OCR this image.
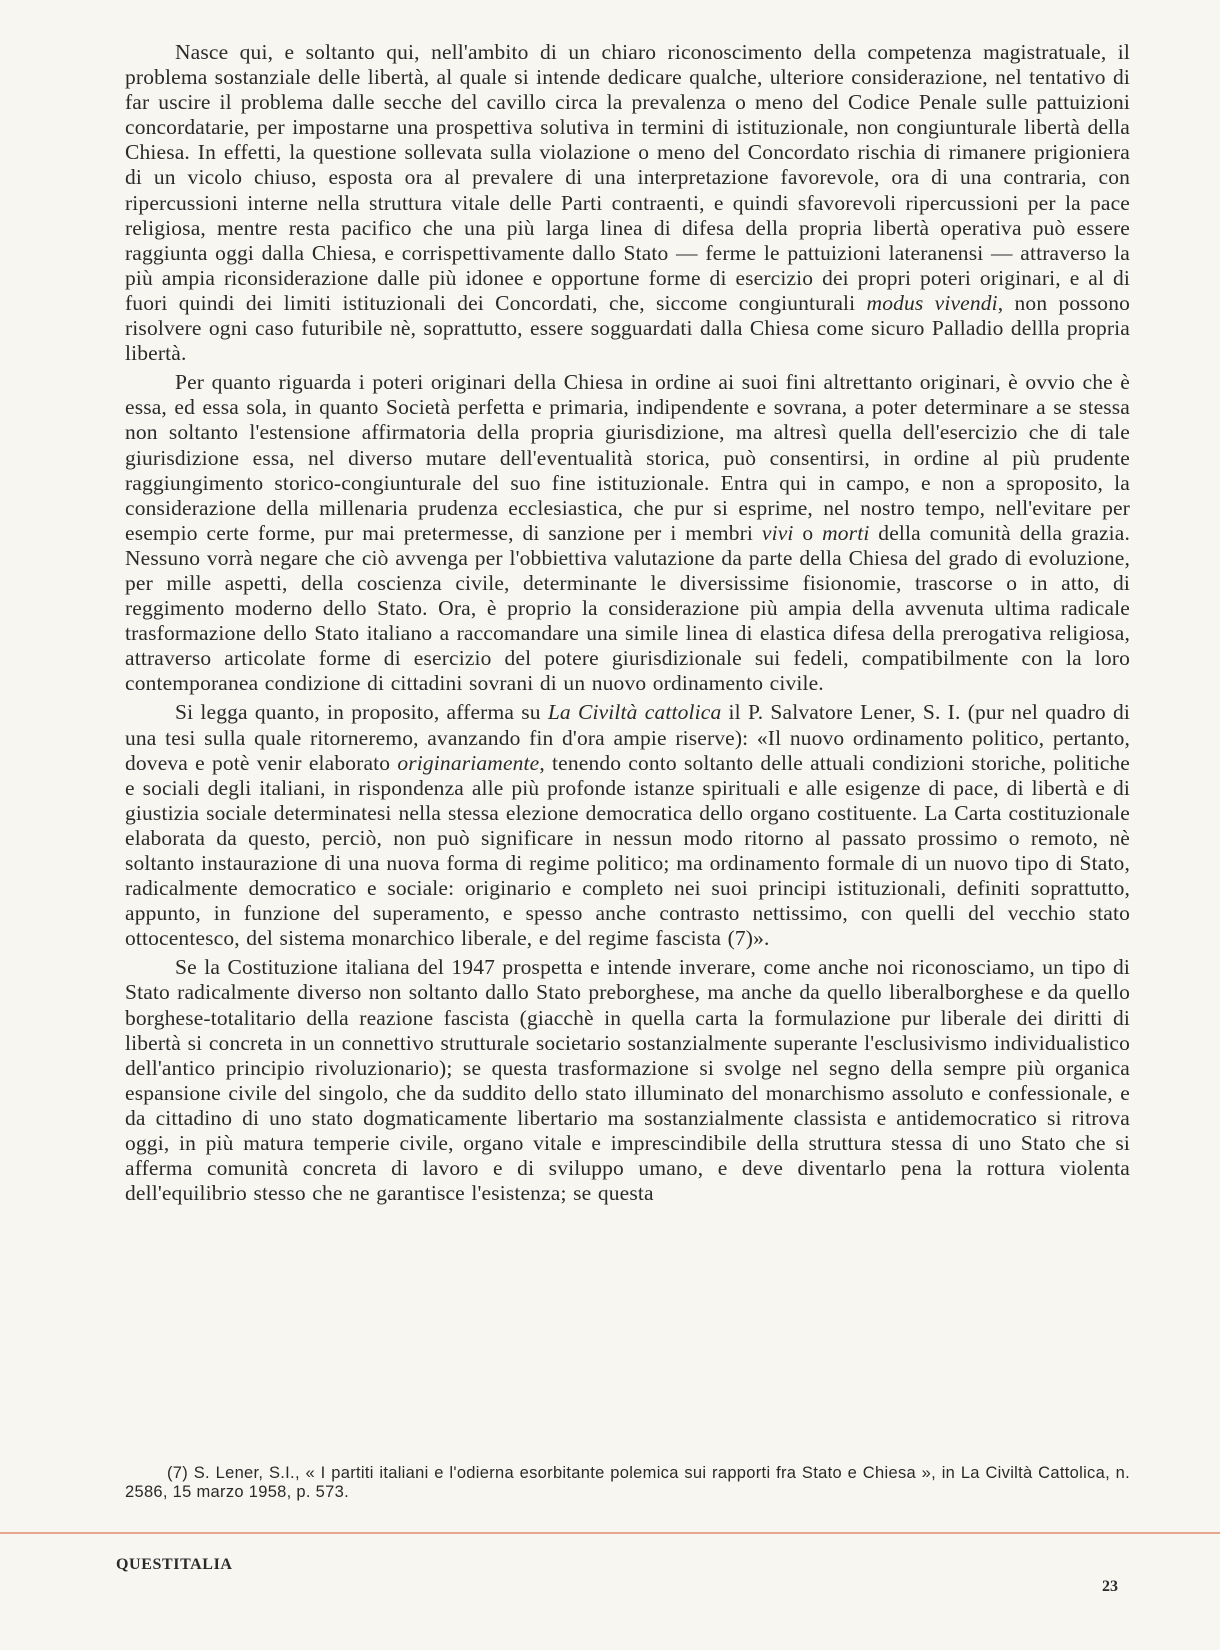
Nasce qui, e soltanto qui, nell'ambito di un chiaro riconoscimento della competenza magistratuale, il problema sostanziale delle libertà, al quale si intende dedicare qualche, ulteriore considerazione, nel tentativo di far uscire il problema dalle secche del cavillo circa la prevalenza o meno del Codice Penale sulle pattuizioni concordatarie, per impostarne una prospettiva solutiva in termini di istituzionale, non congiunturale libertà della Chiesa. In effetti, la questione sollevata sulla violazione o meno del Concordato rischia di rimanere prigioniera di un vicolo chiuso, esposta ora al prevalere di una interpretazione favorevole, ora di una contraria, con ripercussioni interne nella struttura vitale delle Parti contraenti, e quindi sfavorevoli ripercussioni per la pace religiosa, mentre resta pacifico che una più larga linea di difesa della propria libertà operativa può essere raggiunta oggi dalla Chiesa, e corrispettivamente dallo Stato — ferme le pattuizioni lateranensi — attraverso la più ampia riconsiderazione dalle più idonee e opportune forme di esercizio dei propri poteri originari, e al di fuori quindi dei limiti istituzionali dei Concordati, che, siccome congiunturali modus vivendi, non possono risolvere ogni caso futuribile nè, soprattutto, essere sogguardati dalla Chiesa come sicuro Palladio dellla propria libertà.

Per quanto riguarda i poteri originari della Chiesa in ordine ai suoi fini altrettanto originari, è ovvio che è essa, ed essa sola, in quanto Società perfetta e primaria, indipendente e sovrana, a poter determinare a se stessa non soltanto l'estensione affirmatoria della propria giurisdizione, ma altresì quella dell'esercizio che di tale giurisdizione essa, nel diverso mutare dell'eventualità storica, può consentirsi, in ordine al più prudente raggiungimento storico-congiunturale del suo fine istituzionale. Entra qui in campo, e non a sproposito, la considerazione della millenaria prudenza ecclesiastica, che pur si esprime, nel nostro tempo, nell'evitare per esempio certe forme, pur mai pretermesse, di sanzione per i membri vivi o morti della comunità della grazia. Nessuno vorrà negare che ciò avvenga per l'obbiettiva valutazione da parte della Chiesa del grado di evoluzione, per mille aspetti, della coscienza civile, determinante le diversissime fisionomie, trascorse o in atto, di reggimento moderno dello Stato. Ora, è proprio la considerazione più ampia della avvenuta ultima radicale trasformazione dello Stato italiano a raccomandare una simile linea di elastica difesa della prerogativa religiosa, attraverso articolate forme di esercizio del potere giurisdizionale sui fedeli, compatibilmente con la loro contemporanea condizione di cittadini sovrani di un nuovo ordinamento civile.

Si legga quanto, in proposito, afferma su La Civiltà cattolica il P. Salvatore Lener, S. I. (pur nel quadro di una tesi sulla quale ritorneremo, avanzando fin d'ora ampie riserve): «Il nuovo ordinamento politico, pertanto, doveva e potè venir elaborato originariamente, tenendo conto soltanto delle attuali condizioni storiche, politiche e sociali degli italiani, in rispondenza alle più profonde istanze spirituali e alle esigenze di pace, di libertà e di giustizia sociale determinatesi nella stessa elezione democratica dello organo costituente. La Carta costituzionale elaborata da questo, perciò, non può significare in nessun modo ritorno al passato prossimo o remoto, nè soltanto instaurazione di una nuova forma di regime politico; ma ordinamento formale di un nuovo tipo di Stato, radicalmente democratico e sociale: originario e completo nei suoi principi istituzionali, definiti soprattutto, appunto, in funzione del superamento, e spesso anche contrasto nettissimo, con quelli del vecchio stato ottocentesco, del sistema monarchico liberale, e del regime fascista (7)».

Se la Costituzione italiana del 1947 prospetta e intende inverare, come anche noi riconosciamo, un tipo di Stato radicalmente diverso non soltanto dallo Stato preborghese, ma anche da quello liberalborghese e da quello borghese-totalitario della reazione fascista (giacchè in quella carta la formulazione pur liberale dei diritti di libertà si concreta in un connettivo strutturale societario sostanzialmente superante l'esclusivismo individualistico dell'antico principio rivoluzionario); se questa trasformazione si svolge nel segno della sempre più organica espansione civile del singolo, che da suddito dello stato illuminato del monarchismo assoluto e confessionale, e da cittadino di uno stato dogmaticamente libertario ma sostanzialmente classista e antidemocratico si ritrova oggi, in più matura temperie civile, organo vitale e imprescindibile della struttura stessa di uno Stato che si afferma comunità concreta di lavoro e di sviluppo umano, e deve diventarlo pena la rottura violenta dell'equilibrio stesso che ne garantisce l'esistenza; se questa

(7) S. Lener, S.I., « I partiti italiani e l'odierna esorbitante polemica sui rapporti fra Stato e Chiesa », in La Civiltà Cattolica, n. 2586, 15 marzo 1958, p. 573.

QUESTITALIA
23
